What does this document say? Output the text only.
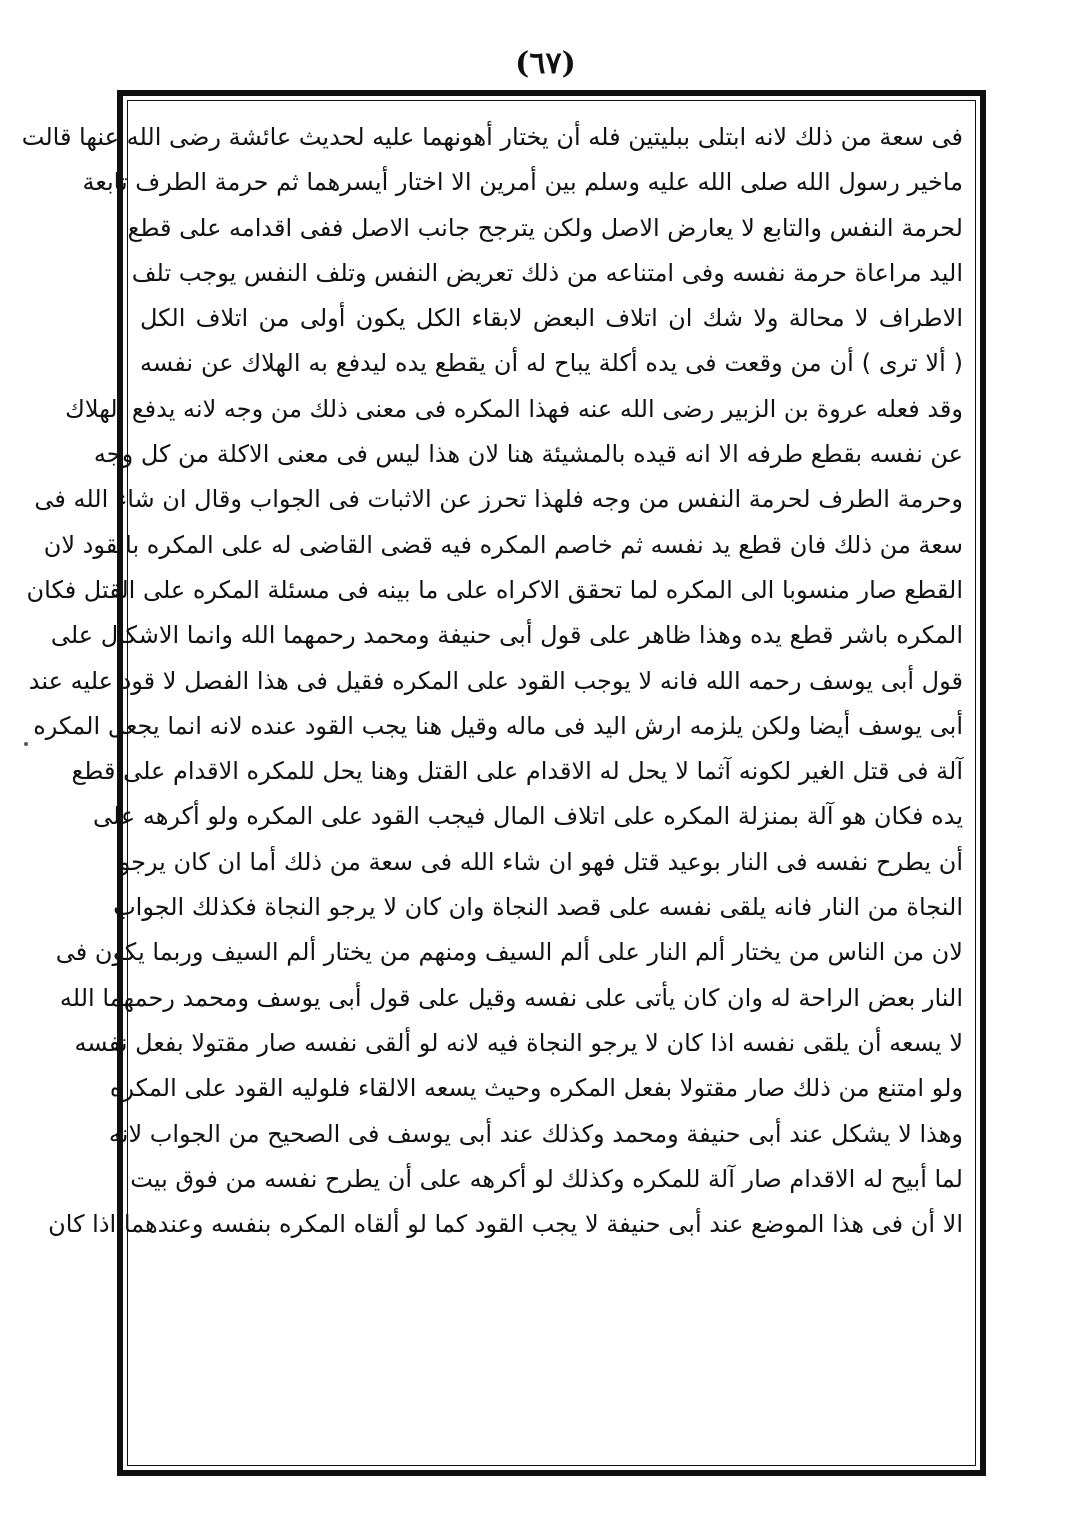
(٦٧)
فى سعة من ذلك لانه ابتلى ببليتين فله أن يختار أهونهما عليه لحديث عائشة رضى الله عنها قالت
ماخير رسول الله صلى الله عليه وسلم بين أمرين الا اختار أيسرهما ثم حرمة الطرف تابعة
لحرمة النفس والتابع لا يعارض الاصل ولكن يترجح جانب الاصل ففى اقدامه على قطع
اليد مراعاة حرمة نفسه وفى امتناعه من ذلك تعريض النفس وتلف النفس يوجب تلف
الاطراف لا محالة ولا شك ان اتلاف البعض لابقاء الكل يكون أولى من اتلاف الكل
( ألا ترى ) أن من وقعت فى يده أكلة يباح له أن يقطع يده ليدفع به الهلاك عن نفسه
وقد فعله عروة بن الزبير رضى الله عنه فهذا المكره فى معنى ذلك من وجه لانه يدفع الهلاك
عن نفسه بقطع طرفه الا انه قيده بالمشيئة هنا لان هذا ليس فى معنى الاكلة من كل وجه
وحرمة الطرف لحرمة النفس من وجه فلهذا تحرز عن الاثبات فى الجواب وقال ان شاء الله فى
سعة من ذلك فان قطع يد نفسه ثم خاصم المكره فيه قضى القاضى له على المكره بالقود لان
القطع صار منسوبا الى المكره لما تحقق الاكراه على ما بينه فى مسئلة المكره على القتل فكان
المكره باشر قطع يده وهذا ظاهر على قول أبى حنيفة ومحمد رحمهما الله وانما الاشكال على
قول أبى يوسف رحمه الله فانه لا يوجب القود على المكره فقيل فى هذا الفصل لا قود عليه عند
أبى يوسف أيضا ولكن يلزمه ارش اليد فى ماله وقيل هنا يجب القود عنده لانه انما يجعل المكره
آلة فى قتل الغير لكونه آثما لا يحل له الاقدام على القتل وهنا يحل للمكره الاقدام على قطع
يده فكان هو آلة بمنزلة المكره على اتلاف المال فيجب القود على المكره ولو أكرهه على
أن يطرح نفسه فى النار بوعيد قتل فهو ان شاء الله فى سعة من ذلك أما ان كان يرجو
النجاة من النار فانه يلقى نفسه على قصد النجاة وان كان لا يرجو النجاة فكذلك الجواب
لان من الناس من يختار ألم النار على ألم السيف ومنهم من يختار ألم السيف وربما يكون فى
النار بعض الراحة له وان كان يأتى على نفسه وقيل على قول أبى يوسف ومحمد رحمهما الله
لا يسعه أن يلقى نفسه اذا كان لا يرجو النجاة فيه لانه لو ألقى نفسه صار مقتولا بفعل نفسه
ولو امتنع من ذلك صار مقتولا بفعل المكره وحيث يسعه الالقاء فلوليه القود على المكره
وهذا لا يشكل عند أبى حنيفة ومحمد وكذلك عند أبى يوسف فى الصحيح من الجواب لانه
لما أبيح له الاقدام صار آلة للمكره وكذلك لو أكرهه على أن يطرح نفسه من فوق بيت
الا أن فى هذا الموضع عند أبى حنيفة لا يجب القود كما لو ألقاه المكره بنفسه وعندهما اذا كان
